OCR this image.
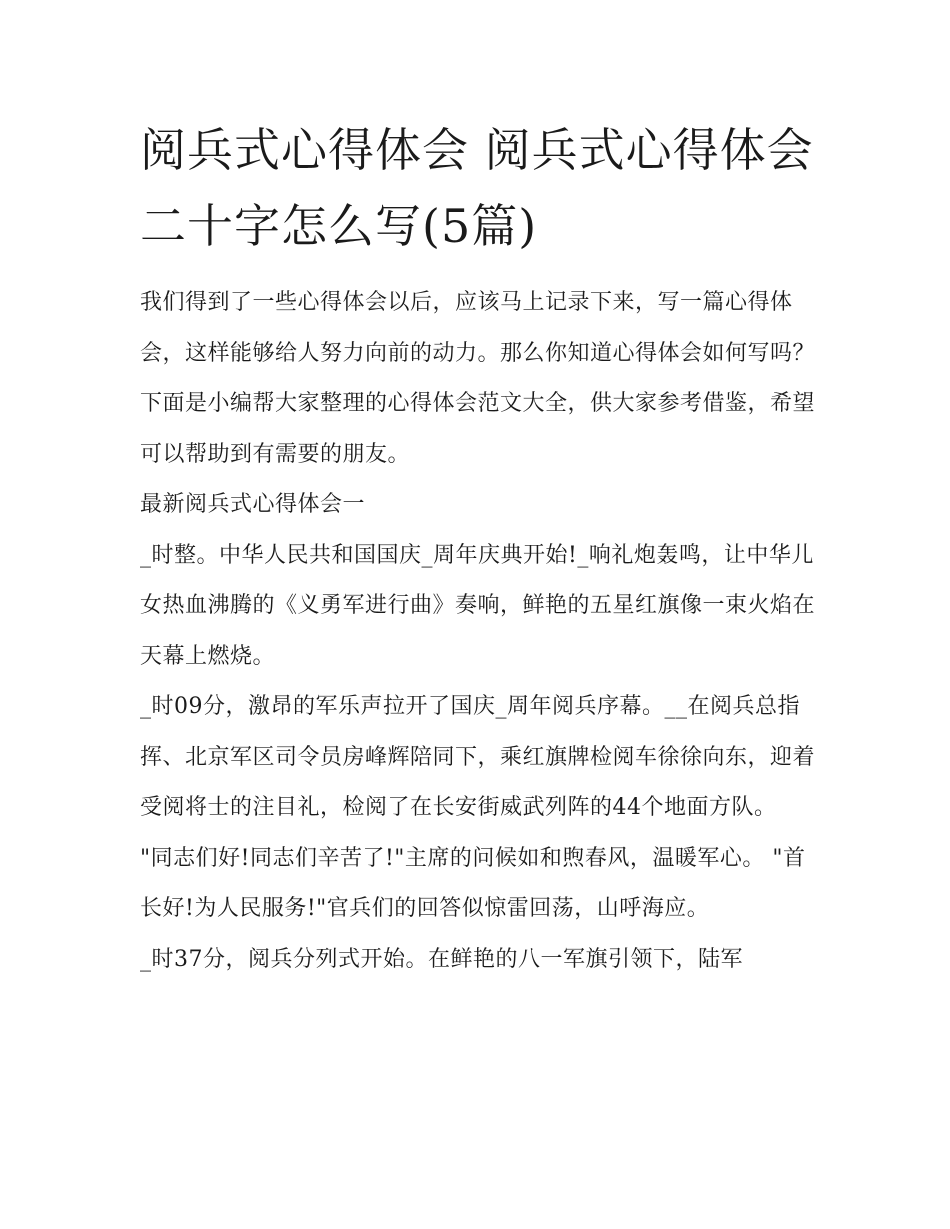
阅兵式心得体会 阅兵式心得体会二十字怎么写(5篇)

我们得到了一些心得体会以后，应该马上记录下来，写一篇心得体会，这样能够给人努力向前的动力。那么你知道心得体会如何写吗？下面是小编帮大家整理的心得体会范文大全，供大家参考借鉴，希望可以帮助到有需要的朋友。

最新阅兵式心得体会一

_时整。中华人民共和国国庆_周年庆典开始!_响礼炮轰鸣，让中华儿女热血沸腾的《义勇军进行曲》奏响，鲜艳的五星红旗像一束火焰在天幕上燃烧。

_时09分，激昂的军乐声拉开了国庆_周年阅兵序幕。__在阅兵总指挥、北京军区司令员房峰辉陪同下，乘红旗牌检阅车徐徐向东，迎着受阅将士的注目礼，检阅了在长安街威武列阵的44个地面方队。

"同志们好!同志们辛苦了!"主席的问候如和煦春风，温暖军心。 "首长好!为人民服务!"官兵们的回答似惊雷回荡，山呼海应。

_时37分，阅兵分列式开始。在鲜艳的八一军旗引领下，陆军
